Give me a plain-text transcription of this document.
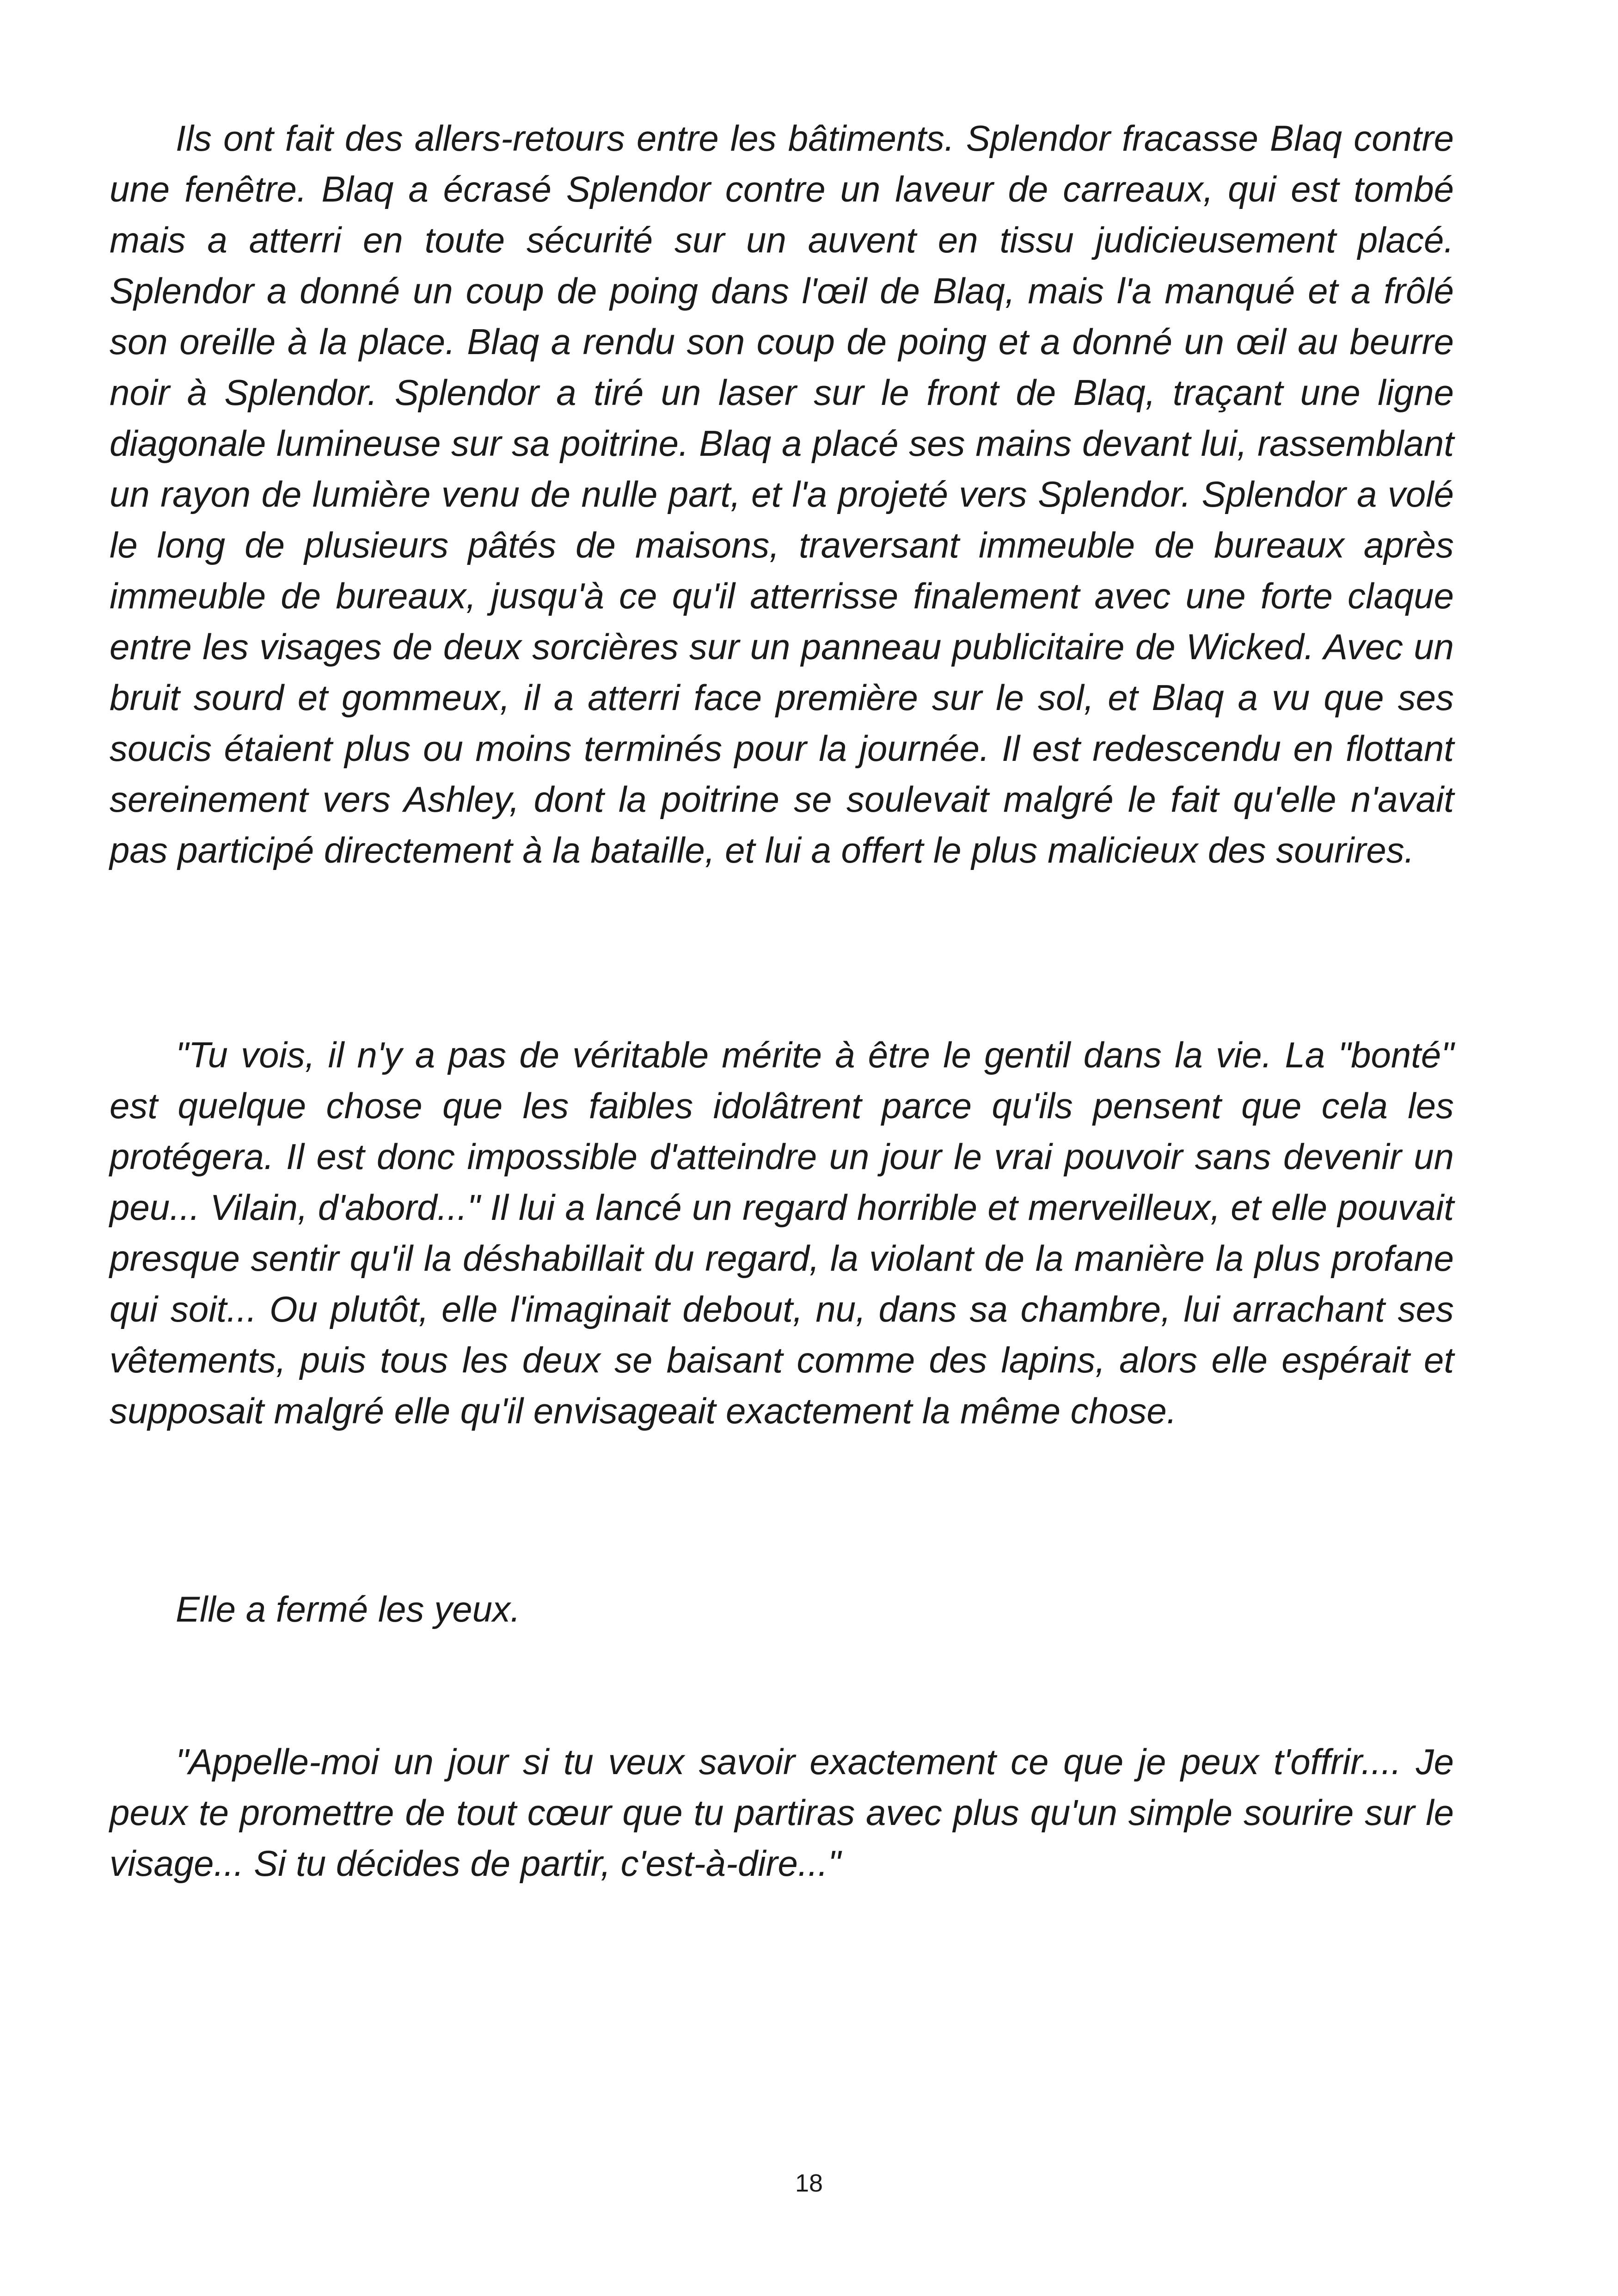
Ils ont fait des allers-retours entre les bâtiments. Splendor fracasse Blaq contre une fenêtre. Blaq a écrasé Splendor contre un laveur de carreaux, qui est tombé mais a atterri en toute sécurité sur un auvent en tissu judicieusement placé. Splendor a donné un coup de poing dans l'œil de Blaq, mais l'a manqué et a frôlé son oreille à la place. Blaq a rendu son coup de poing et a donné un œil au beurre noir à Splendor. Splendor a tiré un laser sur le front de Blaq, traçant une ligne diagonale lumineuse sur sa poitrine. Blaq a placé ses mains devant lui, rassemblant un rayon de lumière venu de nulle part, et l'a projeté vers Splendor. Splendor a volé le long de plusieurs pâtés de maisons, traversant immeuble de bureaux après immeuble de bureaux, jusqu'à ce qu'il atterrisse finalement avec une forte claque entre les visages de deux sorcières sur un panneau publicitaire de Wicked. Avec un bruit sourd et gommeux, il a atterri face première sur le sol, et Blaq a vu que ses soucis étaient plus ou moins terminés pour la journée. Il est redescendu en flottant sereinement vers Ashley, dont la poitrine se soulevait malgré le fait qu'elle n'avait pas participé directement à la bataille, et lui a offert le plus malicieux des sourires.

"Tu vois, il n'y a pas de véritable mérite à être le gentil dans la vie. La "bonté" est quelque chose que les faibles idolâtrent parce qu'ils pensent que cela les protégera. Il est donc impossible d'atteindre un jour le vrai pouvoir sans devenir un peu... Vilain, d'abord..." Il lui a lancé un regard horrible et merveilleux, et elle pouvait presque sentir qu'il la déshabillait du regard, la violant de la manière la plus profane qui soit... Ou plutôt, elle l'imaginait debout, nu, dans sa chambre, lui arrachant ses vêtements, puis tous les deux se baisant comme des lapins, alors elle espérait et supposait malgré elle qu'il envisageait exactement la même chose.

Elle a fermé les yeux.

"Appelle-moi un jour si tu veux savoir exactement ce que je peux t'offrir.... Je peux te promettre de tout cœur que tu partiras avec plus qu'un simple sourire sur le visage... Si tu décides de partir, c'est-à-dire..."

18
